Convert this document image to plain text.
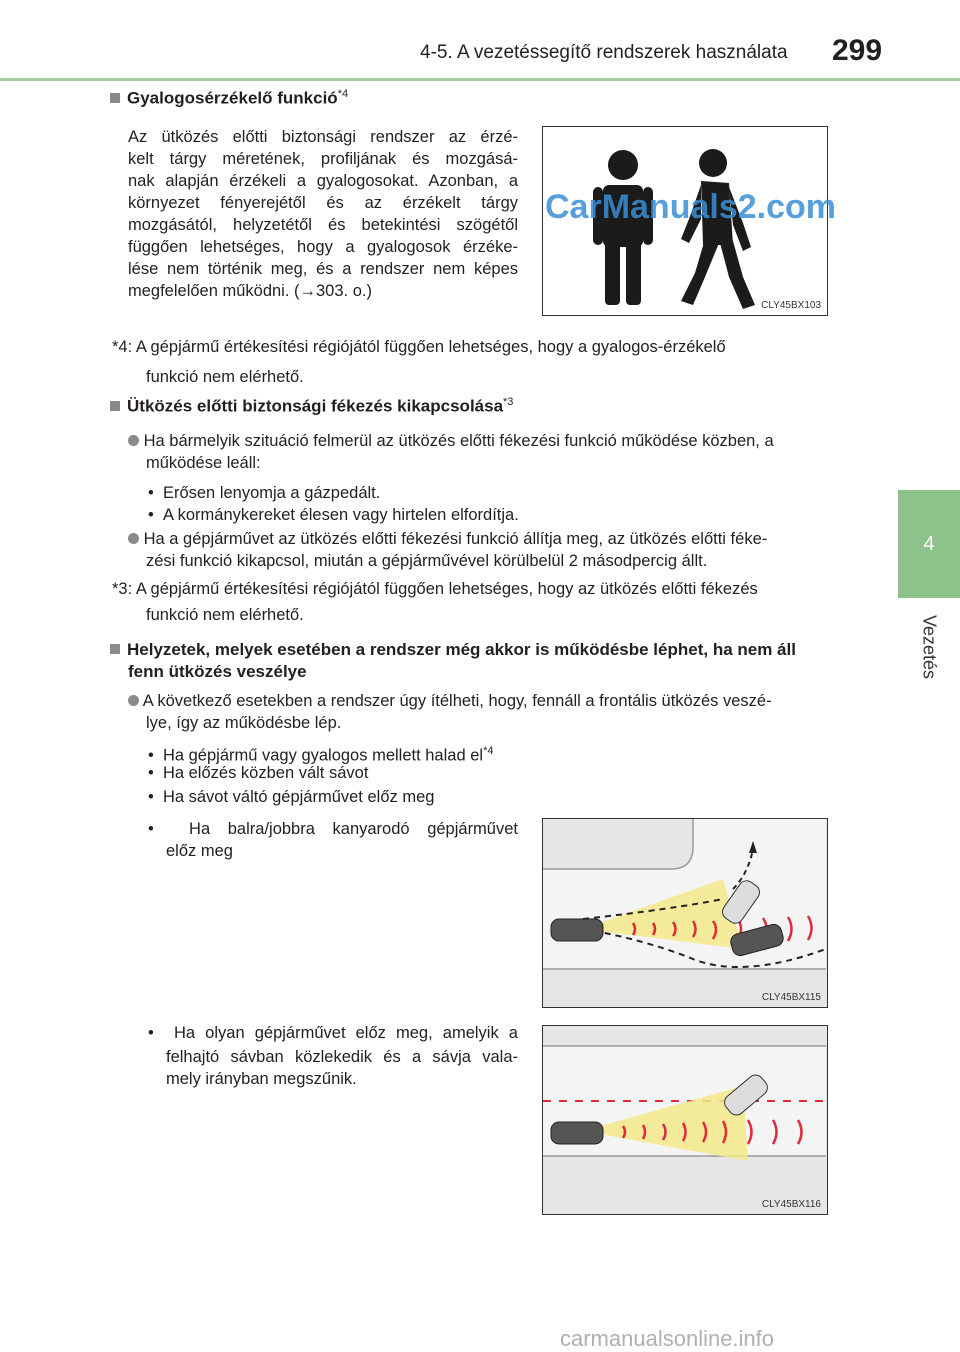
4-5. A vezetéssegítő rendszerek használata 299
4
Vezetés
Gyalogosérzékelő funkció$^{*4}$
Az ütközés előtti biztonsági rendszer az érzé-
kelt tárgy méretének, profiljának és mozgásá-
nak alapján érzékeli a gyalogosokat. Azonban, a
környezet fényerejétől és az érzékelt tárgy
mozgásától, helyzetétől és betekintési szögétől
függően lehetséges, hogy a gyalogosok érzéke-
lése nem történik meg, és a rendszer nem képes
megfelelően működni. (→303. o.)
CLY45BX103
CarManuals2.com
*4: A gépjármű értékesítési régiójától függően lehetséges, hogy a gyalogos-érzékelő
funkció nem elérhető.
Ütközés előtti biztonsági fékezés kikapcsolása$^{*3}$
Ha bármelyik szituáció felmerül az ütközés előtti fékezési funkció működése közben, a
működése leáll:
•  Erősen lenyomja a gázpedált.
•  A kormánykereket élesen vagy hirtelen elfordítja.
Ha a gépjárművet az ütközés előtti fékezési funkció állítja meg, az ütközés előtti féke-
zési funkció kikapcsol, miután a gépjárművével körülbelül 2 másodpercig állt.
*3: A gépjármű értékesítési régiójától függően lehetséges, hogy az ütközés előtti fékezés
funkció nem elérhető.
Helyzetek, melyek esetében a rendszer még akkor is működésbe léphet, ha nem áll
fenn ütközés veszélye
A következő esetekben a rendszer úgy ítélheti, hogy, fennáll a frontális ütközés veszé-
lye, így az működésbe lép.
•  Ha gépjármű vagy gyalogos mellett halad $el^{*4}$
•  Ha előzés közben vált sávot
•  Ha sávot váltó gépjárművet előz meg
•  Ha balra/jobbra kanyarodó gépjárművet
előz meg
CLY45BX115
•  Ha olyan gépjárművet előz meg, amelyik a
felhajtó sávban közlekedik és a sávja vala-
mely irányban megszűnik.
CLY45BX116
carmanualsonline.info
